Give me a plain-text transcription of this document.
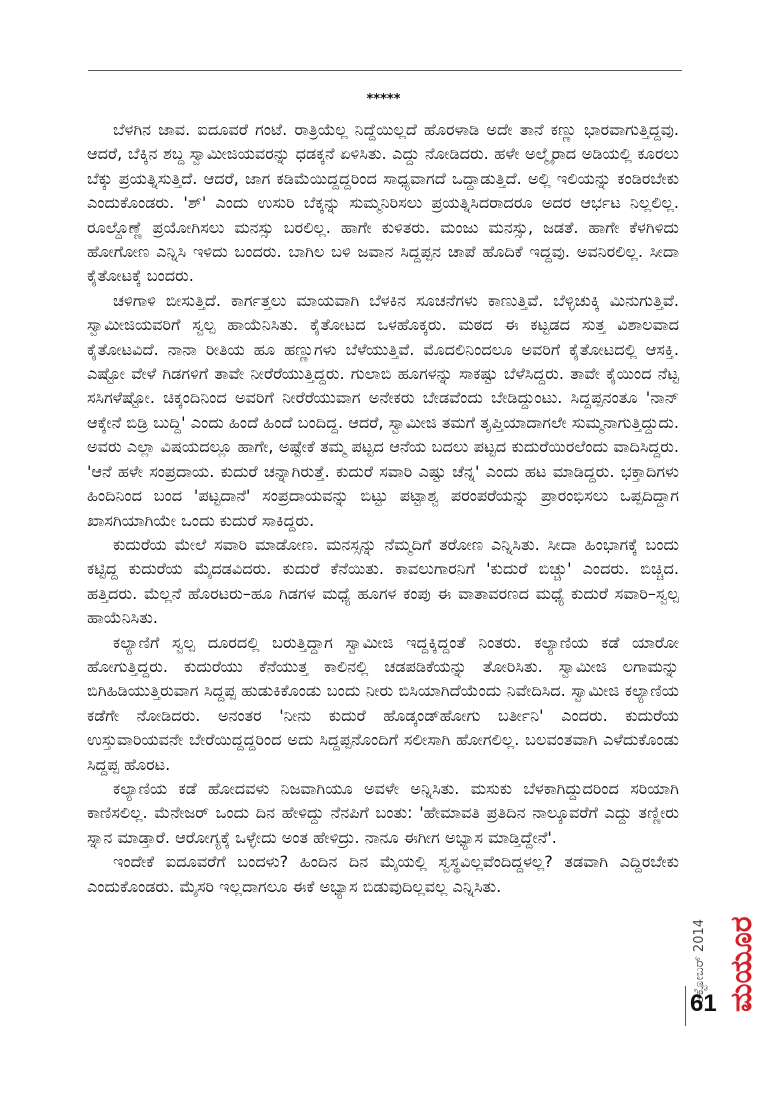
*****

ಬೆಳಗಿನ ಜಾವ. ಐದೂವರೆ ಗಂಟೆ. ರಾತ್ರಿಯೆಲ್ಲ ನಿದ್ದೆಯಿಲ್ಲದೆ ಹೊರಳಾಡಿ ಅದೇ ತಾನೆ ಕಣ್ಣು ಭಾರವಾಗುತ್ತಿದ್ದವು. ಆದರೆ, ಬೆಕ್ಕಿನ ಶಬ್ದ ಸ್ವಾಮೀಜಿಯವರನ್ನು ಧಡಕ್ಕನೆ ಏಳಿಸಿತು. ಎದ್ದು ನೋಡಿದರು. ಹಳೇ ಅಲ್ಮೈರಾದ ಅಡಿಯಲ್ಲಿ ಕೂರಲು ಬೆಕ್ಕು ಪ್ರಯತ್ನಿಸುತ್ತಿದೆ. ಆದರೆ, ಜಾಗ ಕಡಿಮೆಯಿದ್ದದ್ದರಿಂದ ಸಾಧ್ಯವಾಗದೆ ಒದ್ದಾಡುತ್ತಿದೆ. ಅಲ್ಲಿ ಇಲಿಯನ್ನು ಕಂಡಿರಬೇಕು ಎಂದುಕೊಂಡರು. 'ಶ್' ಎಂದು ಉಸುರಿ ಬೆಕ್ಕನ್ನು ಸುಮ್ಮನಿರಿಸಲು ಪ್ರಯತ್ನಿಸಿದರಾದರೂ ಅದರ ಆರ್ಭಟ ನಿಲ್ಲಲಿಲ್ಲ. ರೂಲ್ದೊಣ್ಣೆ ಪ್ರಯೋಗಿಸಲು ಮನಸ್ಸು ಬರಲಿಲ್ಲ. ಹಾಗೇ ಕುಳಿತರು. ಮಂಜು ಮನಸ್ಸು, ಜಡತೆ. ಹಾಗೇ ಕೆಳಗಿಳಿದು ಹೋಗೋಣ ಎನ್ನಿಸಿ ಇಳಿದು ಬಂದರು. ಬಾಗಿಲ ಬಳಿ ಜವಾನ ಸಿದ್ದಪ್ಪನ ಚಾಪೆ ಹೊದಿಕೆ ಇದ್ದವು. ಅವನಿರಲಿಲ್ಲ. ಸೀದಾ ಕೈತೋಟಕ್ಕೆ ಬಂದರು.

ಚಳಿಗಾಳಿ ಬೀಸುತ್ತಿದೆ. ಕಾರ್ಗತ್ತಲು ಮಾಯವಾಗಿ ಬೆಳಕಿನ ಸೂಚನೆಗಳು ಕಾಣುತ್ತಿವೆ. ಬೆಳ್ಳಿಚುಕ್ಕಿ ಮಿನುಗುತ್ತಿವೆ. ಸ್ವಾಮೀಜಿಯವರಿಗೆ ಸ್ವಲ್ಪ ಹಾಯೆನಿಸಿತು. ಕೈತೋಟದ ಒಳಹೊಕ್ಕರು. ಮಠದ ಈ ಕಟ್ಟಡದ ಸುತ್ತ ವಿಶಾಲವಾದ ಕೈತೋಟವಿದೆ. ನಾನಾ ರೀತಿಯ ಹೂ ಹಣ್ಣುಗಳು ಬೆಳೆಯುತ್ತಿವೆ. ಮೊದಲಿನಿಂದಲೂ ಅವರಿಗೆ ಕೈತೋಟದಲ್ಲಿ ಆಸಕ್ತಿ. ಎಷ್ಟೋ ವೇಳೆ ಗಿಡಗಳಿಗೆ ತಾವೇ ನೀರೆರೆಯುತ್ತಿದ್ದರು. ಗುಲಾಬಿ ಹೂಗಳನ್ನು ಸಾಕಷ್ಟು ಬೆಳೆಸಿದ್ದರು. ತಾವೇ ಕೈಯಿಂದ ನೆಟ್ಟ ಸಸಿಗಳೆಷ್ಟೋ. ಚಿಕ್ಕಂದಿನಿಂದ ಅವರಿಗೆ ನೀರೆರೆಯುವಾಗ ಅನೇಕರು ಬೇಡವೆಂದು ಬೇಡಿದ್ದುಂಟು. ಸಿದ್ದಪ್ಪನಂತೂ 'ನಾನ್ ಆಕ್ಕೇನೆ ಬಿಡ್ರಿ ಬುದ್ದಿ' ಎಂದು ಹಿಂದೆ ಹಿಂದೆ ಬಂದಿದ್ದ. ಆದರೆ, ಸ್ವಾಮೀಜಿ ತಮಗೆ ತೃಪ್ತಿಯಾದಾಗಲೇ ಸುಮ್ಮನಾಗುತ್ತಿದ್ದುದು. ಅವರು ಎಲ್ಲಾ ವಿಷಯದಲ್ಲೂ ಹಾಗೇ, ಅಷ್ಟೇಕೆ ತಮ್ಮ ಪಟ್ಟದ ಆನೆಯ ಬದಲು ಪಟ್ಟದ ಕುದುರೆಯಿರಲೆಂದು ವಾದಿಸಿದ್ದರು. 'ಆನೆ ಹಳೇ ಸಂಪ್ರದಾಯ. ಕುದುರೆ ಚನ್ನಾಗಿರುತ್ತೆ. ಕುದುರೆ ಸವಾರಿ ಎಷ್ಟು ಚೆನ್ನ' ಎಂದು ಹಟ ಮಾಡಿದ್ದರು. ಭಕ್ತಾದಿಗಳು ಹಿಂದಿನಿಂದ ಬಂದ 'ಪಟ್ಟದಾನೆ' ಸಂಪ್ರದಾಯವನ್ನು ಬಿಟ್ಟು ಪಟ್ಟಾಶ್ವ ಪರಂಪರೆಯನ್ನು ಪ್ರಾರಂಭಿಸಲು ಒಪ್ಪದಿದ್ದಾಗ ಖಾಸಗಿಯಾಗಿಯೇ ಒಂದು ಕುದುರೆ ಸಾಕಿದ್ದರು.

ಕುದುರೆಯ ಮೇಲೆ ಸವಾರಿ ಮಾಡೋಣ. ಮನಸ್ಸನ್ನು ನೆಮ್ಮದಿಗೆ ತರೋಣ ಎನ್ನಿಸಿತು. ಸೀದಾ ಹಿಂಭಾಗಕ್ಕೆ ಬಂದು ಕಟ್ಟಿದ್ದ ಕುದುರೆಯ ಮೈದಡವಿದರು. ಕುದುರೆ ಕೆನೆಯಿತು. ಕಾವಲುಗಾರನಿಗೆ 'ಕುದುರೆ ಬಿಚ್ಚು' ಎಂದರು. ಬಿಚ್ಚಿದ. ಹತ್ತಿದರು. ಮೆಲ್ಲನೆ ಹೊರಟರು–ಹೂ ಗಿಡಗಳ ಮಧ್ಯೆ ಹೂಗಳ ಕಂಪು ಈ ವಾತಾವರಣದ ಮಧ್ಯೆ ಕುದುರೆ ಸವಾರಿ–ಸ್ವಲ್ಪ ಹಾಯೆನಿಸಿತು.

ಕಲ್ಯಾಣಿಗೆ ಸ್ವಲ್ಪ ದೂರದಲ್ಲಿ ಬರುತ್ತಿದ್ದಾಗ ಸ್ವಾಮೀಜಿ ಇದ್ದಕ್ಕಿದ್ದಂತೆ ನಿಂತರು. ಕಲ್ಯಾಣಿಯ ಕಡೆ ಯಾರೋ ಹೋಗುತ್ತಿದ್ದರು. ಕುದುರೆಯು ಕೆನೆಯುತ್ತ ಕಾಲಿನಲ್ಲಿ ಚಡಪಡಿಕೆಯನ್ನು ತೋರಿಸಿತು. ಸ್ವಾಮೀಜಿ ಲಗಾಮನ್ನು ಬಿಗಿಹಿಡಿಯುತ್ತಿರುವಾಗ ಸಿದ್ದಪ್ಪ ಹುಡುಕಿಕೊಂಡು ಬಂದು ನೀರು ಬಿಸಿಯಾಗಿದೆಯೆಂದು ನಿವೇದಿಸಿದ. ಸ್ವಾಮೀಜಿ ಕಲ್ಯಾಣಿಯ ಕಡೆಗೇ ನೋಡಿದರು. ಅನಂತರ 'ನೀನು ಕುದುರೆ ಹೊಡ್ಕಂಡ್‌ಹೋಗು ಬರ್ತೀನಿ' ಎಂದರು. ಕುದುರೆಯ ಉಸ್ತುವಾರಿಯವನೇ ಬೇರೆಯಿದ್ದದ್ದರಿಂದ ಅದು ಸಿದ್ದಪ್ಪನೊಂದಿಗೆ ಸಲೀಸಾಗಿ ಹೋಗಲಿಲ್ಲ. ಬಲವಂತವಾಗಿ ಎಳೆದುಕೊಂಡು ಸಿದ್ದಪ್ಪ ಹೊರಟ.

ಕಲ್ಯಾಣಿಯ ಕಡೆ ಹೋದವಳು ನಿಜವಾಗಿಯೂ ಅವಳೇ ಅನ್ನಿಸಿತು. ಮಸುಕು ಬೆಳಕಾಗಿದ್ದುದರಿಂದ ಸರಿಯಾಗಿ ಕಾಣಿಸಲಿಲ್ಲ. ಮೆನೇಜರ್ ಒಂದು ದಿನ ಹೇಳಿದ್ದು ನೆನಪಿಗೆ ಬಂತು: 'ಹೇಮಾವತಿ ಪ್ರತಿದಿನ ನಾಲ್ಕೂವರೆಗೆ ಎದ್ದು ತಣ್ಣೀರು ಸ್ನಾನ ಮಾಡ್ತಾರೆ. ಆರೋಗ್ಯಕ್ಕೆ ಒಳ್ಳೇದು ಅಂತ ಹೇಳಿದ್ರು. ನಾನೂ ಈಗೀಗ ಅಭ್ಯಾಸ ಮಾಡ್ತಿದ್ದೇನೆ'.

ಇಂದೇಕೆ ಐದೂವರೆಗೆ ಬಂದಳು? ಹಿಂದಿನ ದಿನ ಮೈಯಲ್ಲಿ ಸ್ವಸ್ಥವಿಲ್ಲವೆಂದಿದ್ದಳಲ್ಲ? ತಡವಾಗಿ ಎದ್ದಿರಬೇಕು ಎಂದುಕೊಂಡರು. ಮೈಸರಿ ಇಲ್ಲದಾಗಲೂ ಈಕೆ ಅಭ್ಯಾಸ ಬಿಡುವುದಿಲ್ಲವಲ್ಲ ಎನ್ನಿಸಿತು.

ಮಯೂರ
ಅಕ್ಟೋಬರ್ 2014
61
